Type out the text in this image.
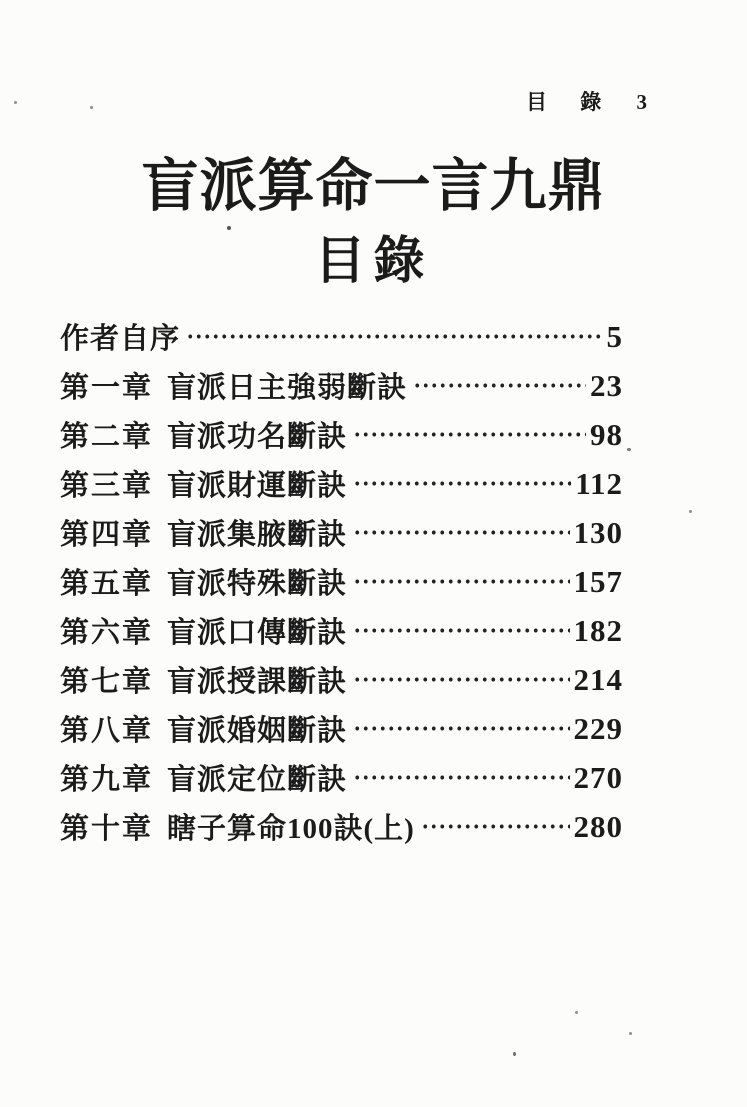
目 錄 3
盲派算命一言九鼎
目錄
作者自序	5
第一章 盲派日主強弱斷訣	23
第二章 盲派功名斷訣	98
第三章 盲派財運斷訣	112
第四章 盲派集腋斷訣	130
第五章 盲派特殊斷訣	157
第六章 盲派口傳斷訣	182
第七章 盲派授課斷訣	214
第八章 盲派婚姻斷訣	229
第九章 盲派定位斷訣	270
第十章 瞎子算命100訣(上)	280
